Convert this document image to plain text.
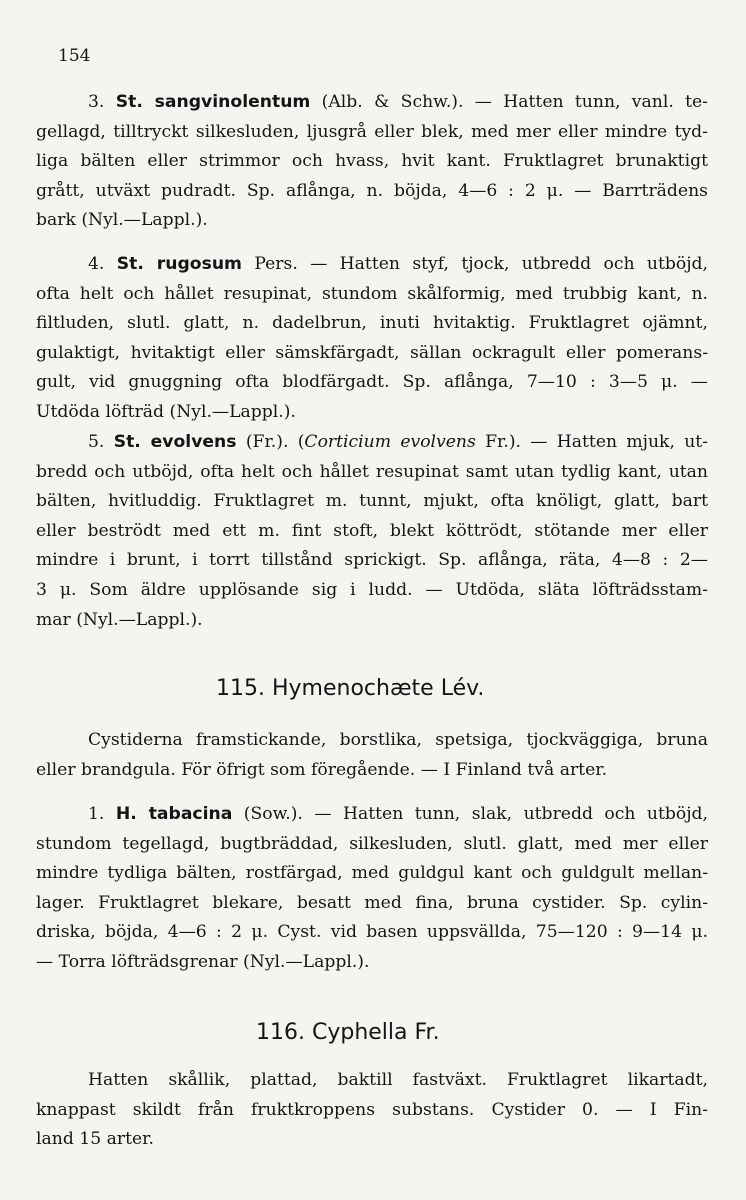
154
3. St. sangvinolentum (Alb. & Schw.). — Hatten tunn, vanl. te-
gellagd, tilltryckt silkesluden, ljusgrå eller blek, med mer eller mindre tyd-
liga bälten eller strimmor och hvass, hvit kant. Fruktlagret brunaktigt
grått, utväxt pudradt. Sp. aflånga, n. böjda, 4—6 : 2 μ. — Barrträdens
bark (Nyl.—Lappl.).
4. St. rugosum Pers. — Hatten styf, tjock, utbredd och utböjd,
ofta helt och hållet resupinat, stundom skålformig, med trubbig kant, n.
filtluden, slutl. glatt, n. dadelbrun, inuti hvitaktig. Fruktlagret ojämnt,
gulaktigt, hvitaktigt eller sämskfärgadt, sällan ockragult eller pomerans-
gult, vid gnuggning ofta blodfärgadt. Sp. aflånga, 7—10 : 3—5 μ. —
Utdöda löfträd (Nyl.—Lappl.).
5. St. evolvens (Fr.). (Corticium evolvens Fr.). — Hatten mjuk, ut-
bredd och utböjd, ofta helt och hållet resupinat samt utan tydlig kant, utan
bälten, hvitluddig. Fruktlagret m. tunnt, mjukt, ofta knöligt, glatt, bart
eller beströdt med ett m. fint stoft, blekt köttrödt, stötande mer eller
mindre i brunt, i torrt tillstånd sprickigt. Sp. aflånga, räta, 4—8 : 2—
3 μ. Som äldre upplösande sig i ludd. — Utdöda, släta löfträdsstam-
mar (Nyl.—Lappl.).
115. Hymenochæte Lév.
Cystiderna framstickande, borstlika, spetsiga, tjockväggiga, bruna
eller brandgula. För öfrigt som föregående. — I Finland två arter.
1. H. tabacina (Sow.). — Hatten tunn, slak, utbredd och utböjd,
stundom tegellagd, bugtbräddad, silkesluden, slutl. glatt, med mer eller
mindre tydliga bälten, rostfärgad, med guldgul kant och guldgult mellan-
lager. Fruktlagret blekare, besatt med fina, bruna cystider. Sp. cylin-
driska, böjda, 4—6 : 2 μ. Cyst. vid basen uppsvällda, 75—120 : 9—14 μ.
— Torra löfträdsgrenar (Nyl.—Lappl.).
116. Cyphella Fr.
Hatten skållik, plattad, baktill fastväxt. Fruktlagret likartadt,
knappast skildt från fruktkroppens substans. Cystider 0. — I Fin-
land 15 arter.
